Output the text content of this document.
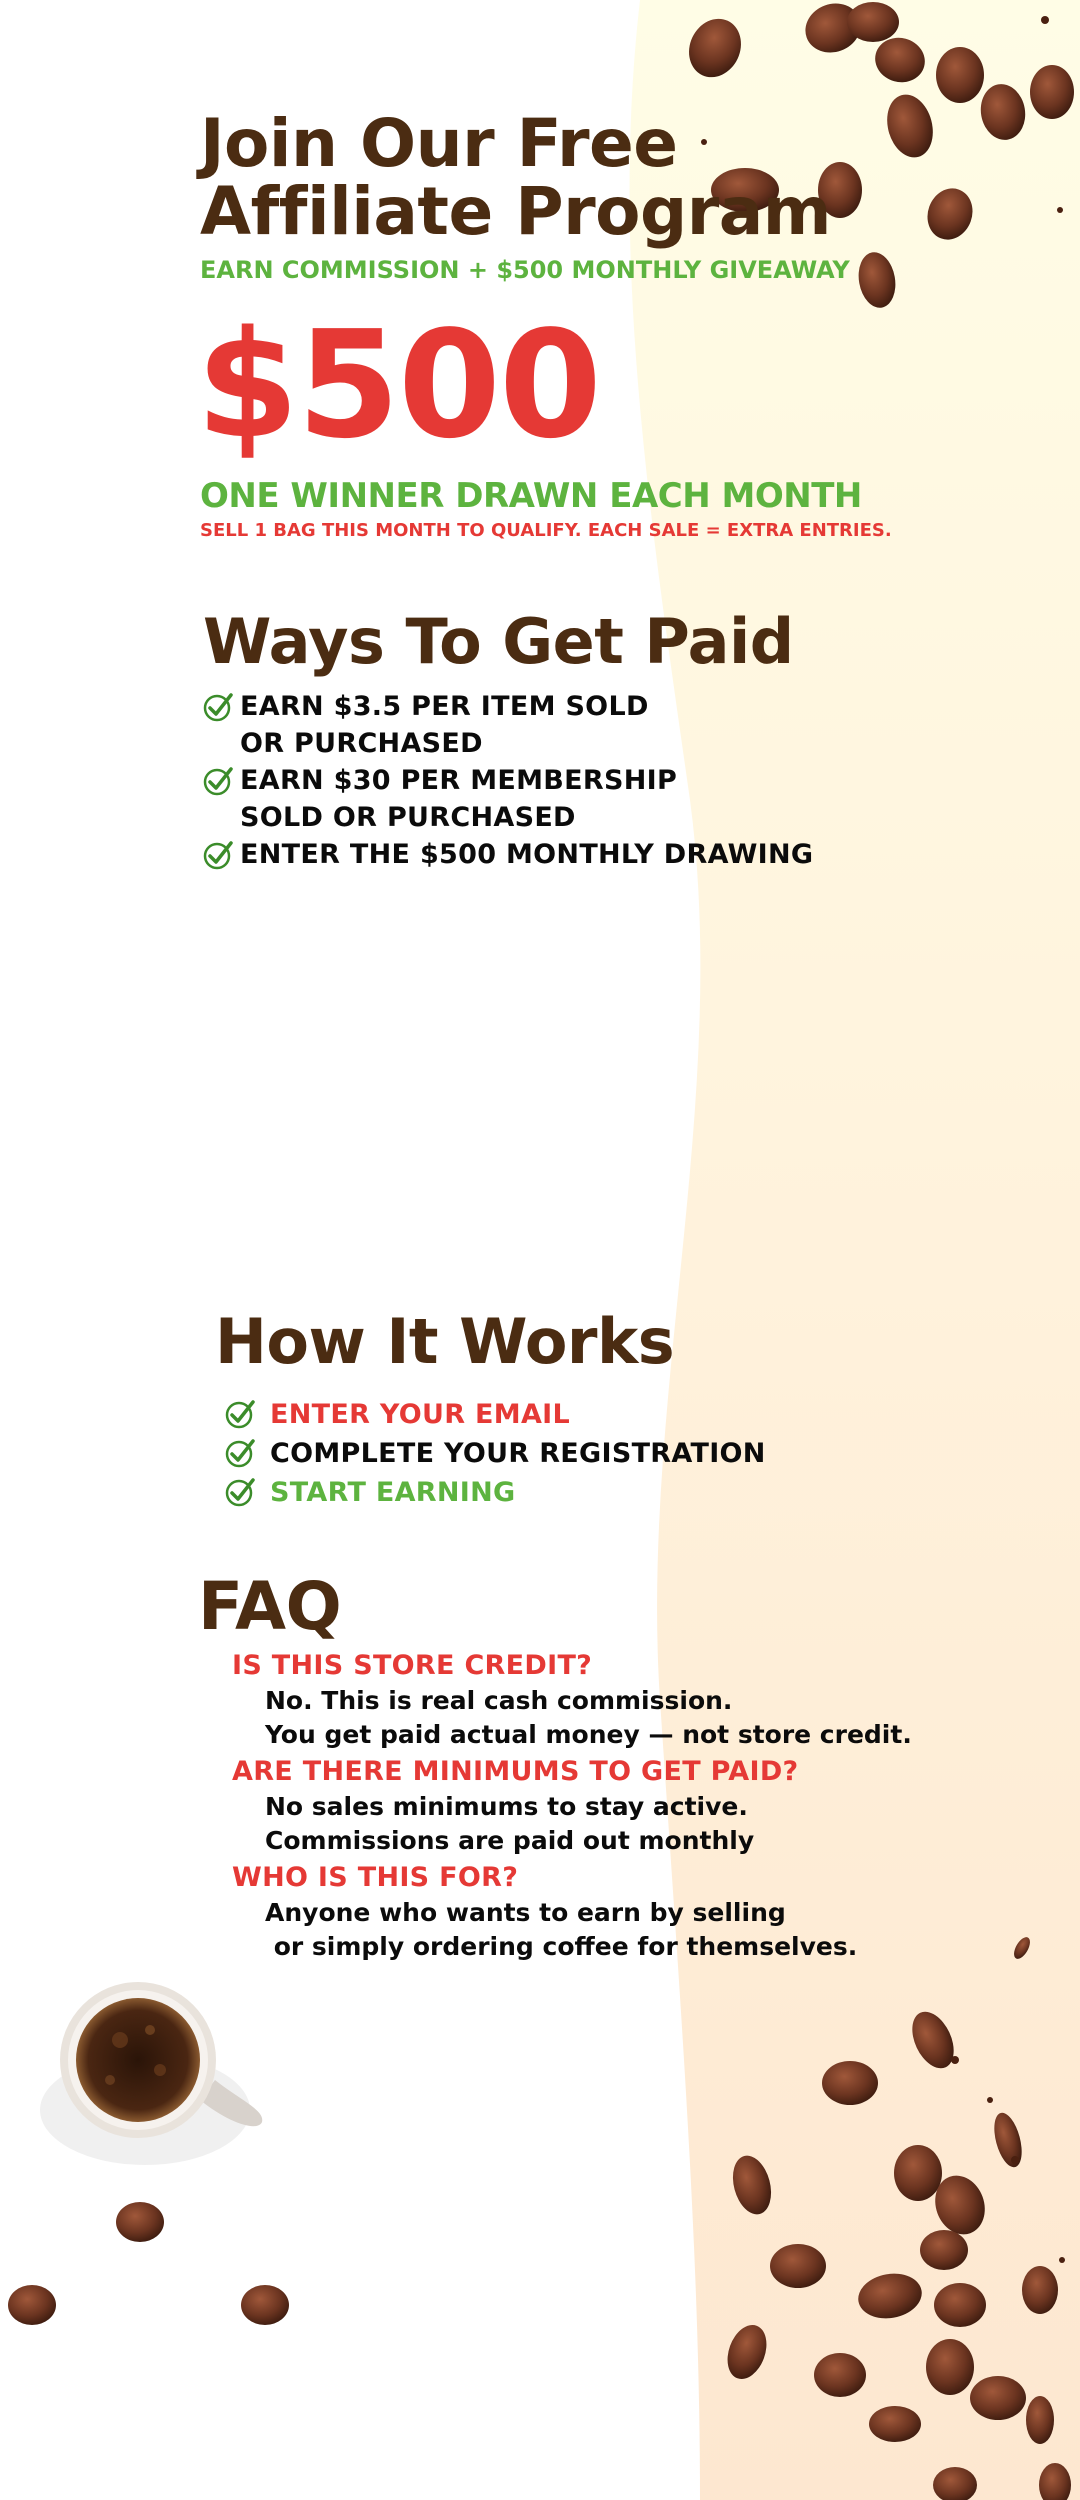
Join Our Free
Affiliate Program
EARN COMMISSION + $500 MONTHLY GIVEAWAY
$500
ONE WINNER DRAWN EACH MONTH
SELL 1 BAG THIS MONTH TO QUALIFY. EACH SALE = EXTRA ENTRIES.
Ways To Get Paid
EARN $3.5 PER ITEM SOLD
OR PURCHASED
EARN $30 PER MEMBERSHIP
SOLD OR PURCHASED
ENTER THE $500 MONTHLY DRAWING
How It Works
ENTER YOUR EMAIL
COMPLETE YOUR REGISTRATION
START EARNING
FAQ
IS THIS STORE CREDIT?
No. This is real cash commission.
You get paid actual money — not store credit.
ARE THERE MINIMUMS TO GET PAID?
No sales minimums to stay active.
Commissions are paid out monthly
WHO IS THIS FOR?
Anyone who wants to earn by selling
or simply ordering coffee for themselves.
